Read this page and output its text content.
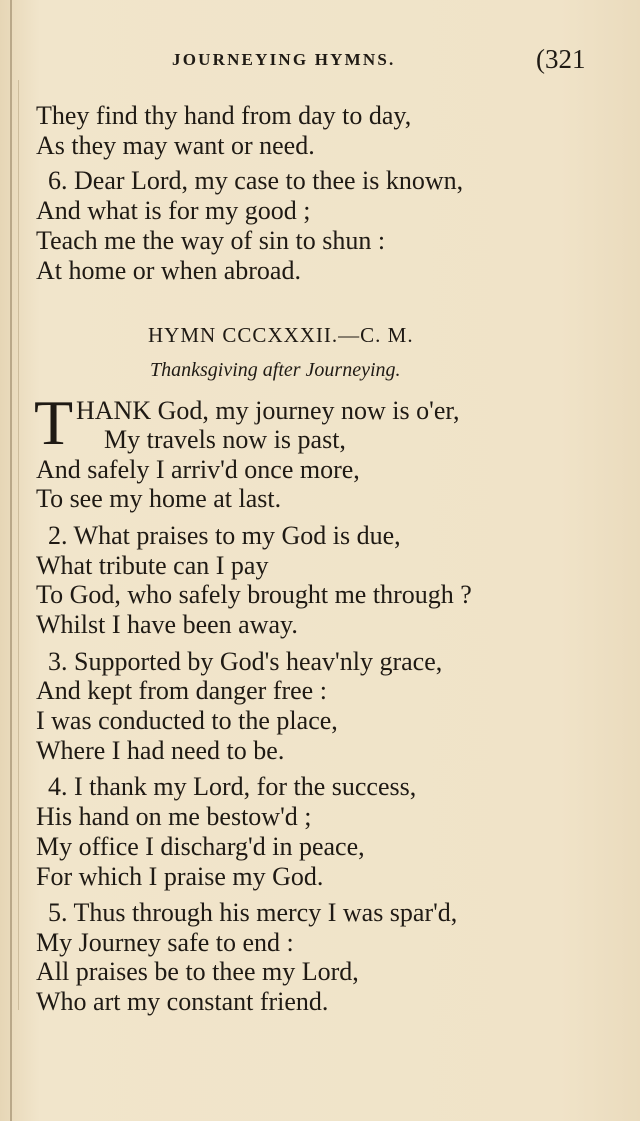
JOURNEYING HYMNS.	(321
They find thy hand from day to day,
As they may want or need.
6. Dear Lord, my case to thee is known,
And what is for my good ;
Teach me the way of sin to shun :
At home or when abroad.
HYMN CCCXXXII.—C. M.
Thanksgiving after Journeying.
T HANK God, my journey now is o'er,
My travels now is past,
And safely I arriv'd once more,
To see my home at last.
2. What praises to my God is due,
What tribute can I pay
To God, who safely brought me through ?
Whilst I have been away.
3. Supported by God's heav'nly grace,
And kept from danger free :
I was conducted to the place,
Where I had need to be.
4. I thank my Lord, for the success,
His hand on me bestow'd ;
My office I discharg'd in peace,
For which I praise my God.
5. Thus through his mercy I was spar'd,
My Journey safe to end :
All praises be to thee my Lord,
Who art my constant friend.
